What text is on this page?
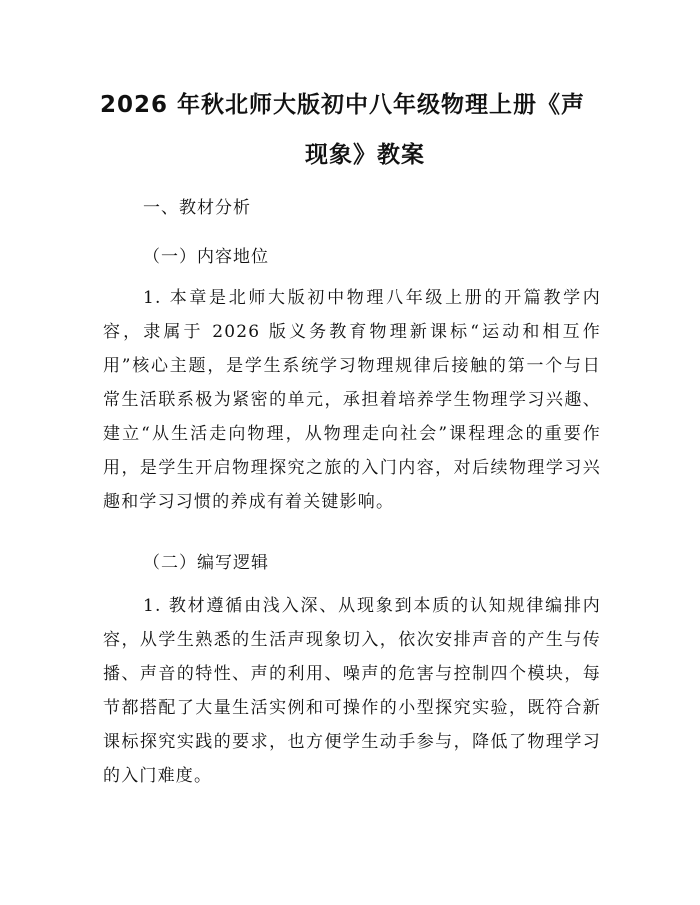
2026 年秋北师大版初中八年级物理上册《声
现象》教案

一、教材分析

（一）内容地位

1. 本章是北师大版初中物理八年级上册的开篇教学内容，隶属于 2026 版义务教育物理新课标“运动和相互作用”核心主题，是学生系统学习物理规律后接触的第一个与日常生活联系极为紧密的单元，承担着培养学生物理学习兴趣、建立“从生活走向物理，从物理走向社会”课程理念的重要作用，是学生开启物理探究之旅的入门内容，对后续物理学习兴趣和学习习惯的养成有着关键影响。

（二）编写逻辑

1. 教材遵循由浅入深、从现象到本质的认知规律编排内容，从学生熟悉的生活声现象切入，依次安排声音的产生与传播、声音的特性、声的利用、噪声的危害与控制四个模块，每节都搭配了大量生活实例和可操作的小型探究实验，既符合新课标探究实践的要求，也方便学生动手参与，降低了物理学习的入门难度。
